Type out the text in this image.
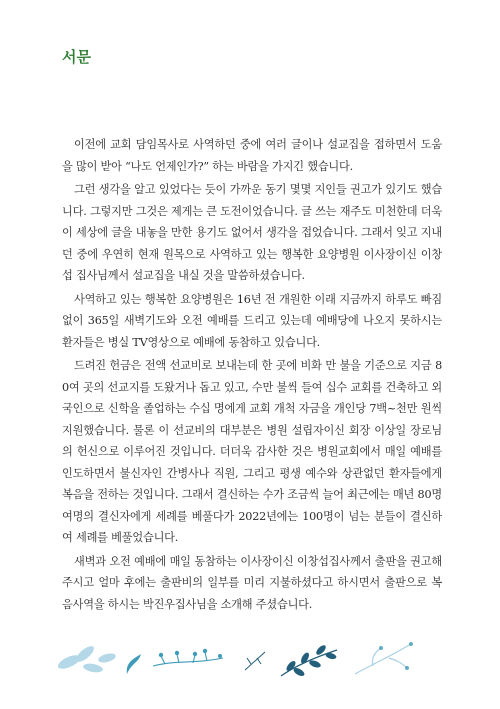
서문

이전에 교회 담임목사로 사역하던 중에 여러 글이나 설교집을 접하면서 도움을 많이 받아 “나도 언제인가?” 하는 바람을 가지긴 했습니다.

그런 생각을 알고 있었다는 듯이 가까운 동기 몇몇 지인들 권고가 있기도 했습니다. 그렇지만 그것은 제게는 큰 도전이었습니다. 글 쓰는 재주도 미천한데 더욱이 세상에 글을 내놓을 만한 용기도 없어서 생각을 접었습니다. 그래서 잊고 지내던 중에 우연히 현재 원목으로 사역하고 있는 행복한 요양병원 이사장이신 이창섭 집사님께서 설교집을 내실 것을 말씀하셨습니다.

사역하고 있는 행복한 요양병원은 16년 전 개원한 이래 지금까지 하루도 빠짐없이 365일 새벽기도와 오전 예배를 드리고 있는데 예배당에 나오지 못하시는 환자들은 병실 TV영상으로 예배에 동참하고 있습니다.

드려진 헌금은 전액 선교비로 보내는데 한 곳에 비화 만 불을 기준으로 지금 80여 곳의 선교지를 도왔거나 돕고 있고, 수만 불씩 들여 십수 교회를 건축하고 외국인으로 신학을 졸업하는 수십 명에게 교회 개척 자금을 개인당 7백~천만 원씩 지원했습니다. 물론 이 선교비의 대부분은 병원 설립자이신 회장 이상일 장로님의 헌신으로 이루어진 것입니다. 더더욱 감사한 것은 병원교회에서 매일 예배를 인도하면서 불신자인 간병사나 직원, 그리고 평생 예수와 상관없던 환자들에게 복음을 전하는 것입니다. 그래서 결신하는 수가 조금씩 늘어 최근에는 매년 80명 여명의 결신자에게 세례를 베풀다가 2022년에는 100명이 넘는 분들이 결신하여 세례를 베풀었습니다.

새벽과 오전 예배에 매일 동참하는 이사장이신 이창섭집사께서 출판을 권고해주시고 얼마 후에는 출판비의 일부를 미리 지불하셨다고 하시면서 출판으로 복음사역을 하시는 박진우집사님을 소개해 주셨습니다.
